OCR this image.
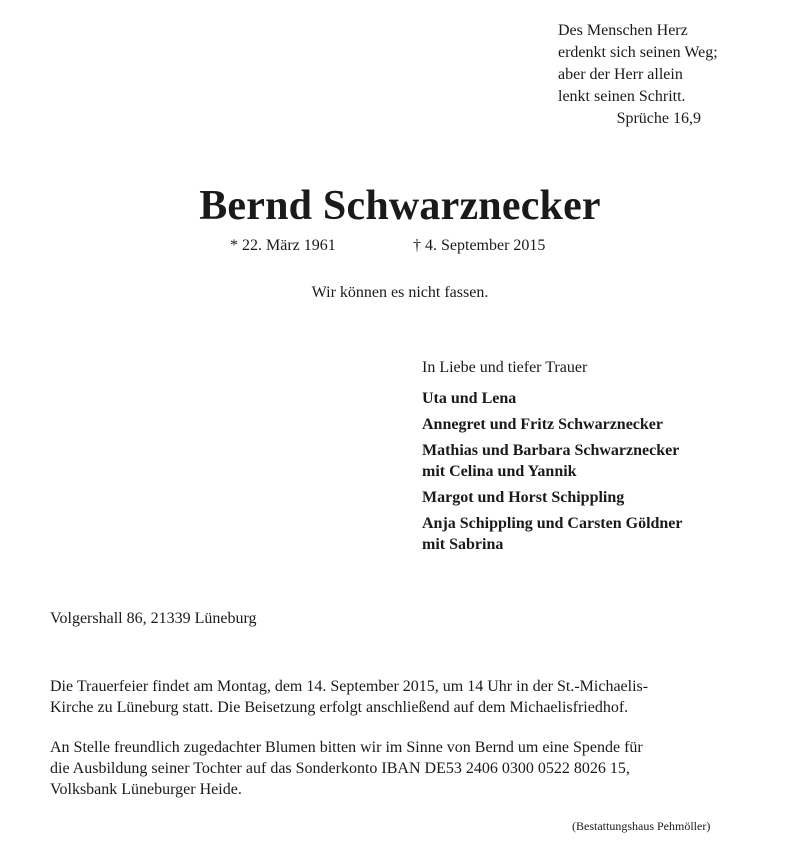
Des Menschen Herz
erdenkt sich seinen Weg;
aber der Herr allein
lenkt seinen Schritt.
Sprüche 16,9
Bernd Schwarznecker
* 22. März 1961	† 4. September 2015
Wir können es nicht fassen.
In Liebe und tiefer Trauer
Uta und Lena
Annegret und Fritz Schwarznecker
Mathias und Barbara Schwarznecker
mit Celina und Yannik
Margot und Horst Schippling
Anja Schippling und Carsten Göldner
mit Sabrina
Volgershall 86, 21339 Lüneburg
Die Trauerfeier findet am Montag, dem 14. September 2015, um 14 Uhr in der St.-Michaelis-
Kirche zu Lüneburg statt. Die Beisetzung erfolgt anschließend auf dem Michaelisfriedhof.
An Stelle freundlich zugedachter Blumen bitten wir im Sinne von Bernd um eine Spende für
die Ausbildung seiner Tochter auf das Sonderkonto IBAN DE53 2406 0300 0522 8026 15,
Volksbank Lüneburger Heide.
(Bestattungshaus Pehmöller)
